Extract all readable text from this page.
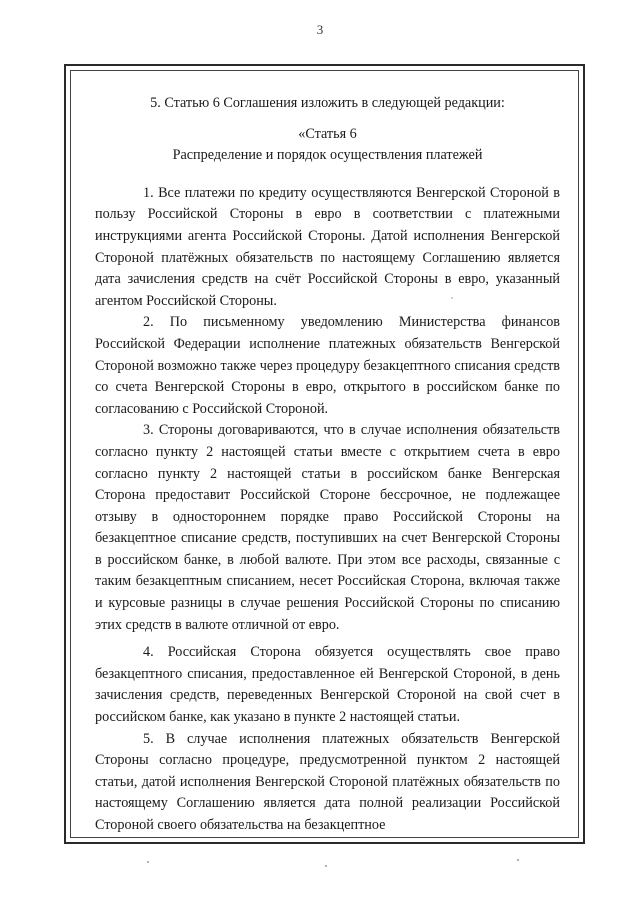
3

5. Статью 6 Соглашения изложить в следующей редакции:

«Статья 6
Распределение и порядок осуществления платежей

1. Все платежи по кредиту осуществляются Венгерской Стороной в пользу Российской Стороны в евро в соответствии с платежными инструкциями агента Российской Стороны. Датой исполнения Венгерской Стороной платёжных обязательств по настоящему Соглашению является дата зачисления средств на счёт Российской Стороны в евро, указанный агентом Российской Стороны.

2. По письменному уведомлению Министерства финансов Российской Федерации исполнение платежных обязательств Венгерской Стороной возможно также через процедуру безакцептного списания средств со счета Венгерской Стороны в евро, открытого в российском банке по согласованию с Российской Стороной.

3. Стороны договариваются, что в случае исполнения обязательств согласно пункту 2 настоящей статьи вместе с открытием счета в евро согласно пункту 2 настоящей статьи в российском банке Венгерская Сторона предоставит Российской Стороне бессрочное, не подлежащее отзыву в одностороннем порядке право Российской Стороны на безакцептное списание средств, поступивших на счет Венгерской Стороны в российском банке, в любой валюте. При этом все расходы, связанные с таким безакцептным списанием, несет Российская Сторона, включая также и курсовые разницы в случае решения Российской Стороны по списанию этих средств в валюте отличной от евро.

4. Российская Сторона обязуется осуществлять свое право безакцептного списания, предоставленное ей Венгерской Стороной, в день зачисления средств, переведенных Венгерской Стороной на свой счет в российском банке, как указано в пункте 2 настоящей статьи.

5. В случае исполнения платежных обязательств Венгерской Стороны согласно процедуре, предусмотренной пунктом 2 настоящей статьи, датой исполнения Венгерской Стороной платёжных обязательств по настоящему Соглашению является дата полной реализации Российской Стороной своего обязательства на безакцептное
